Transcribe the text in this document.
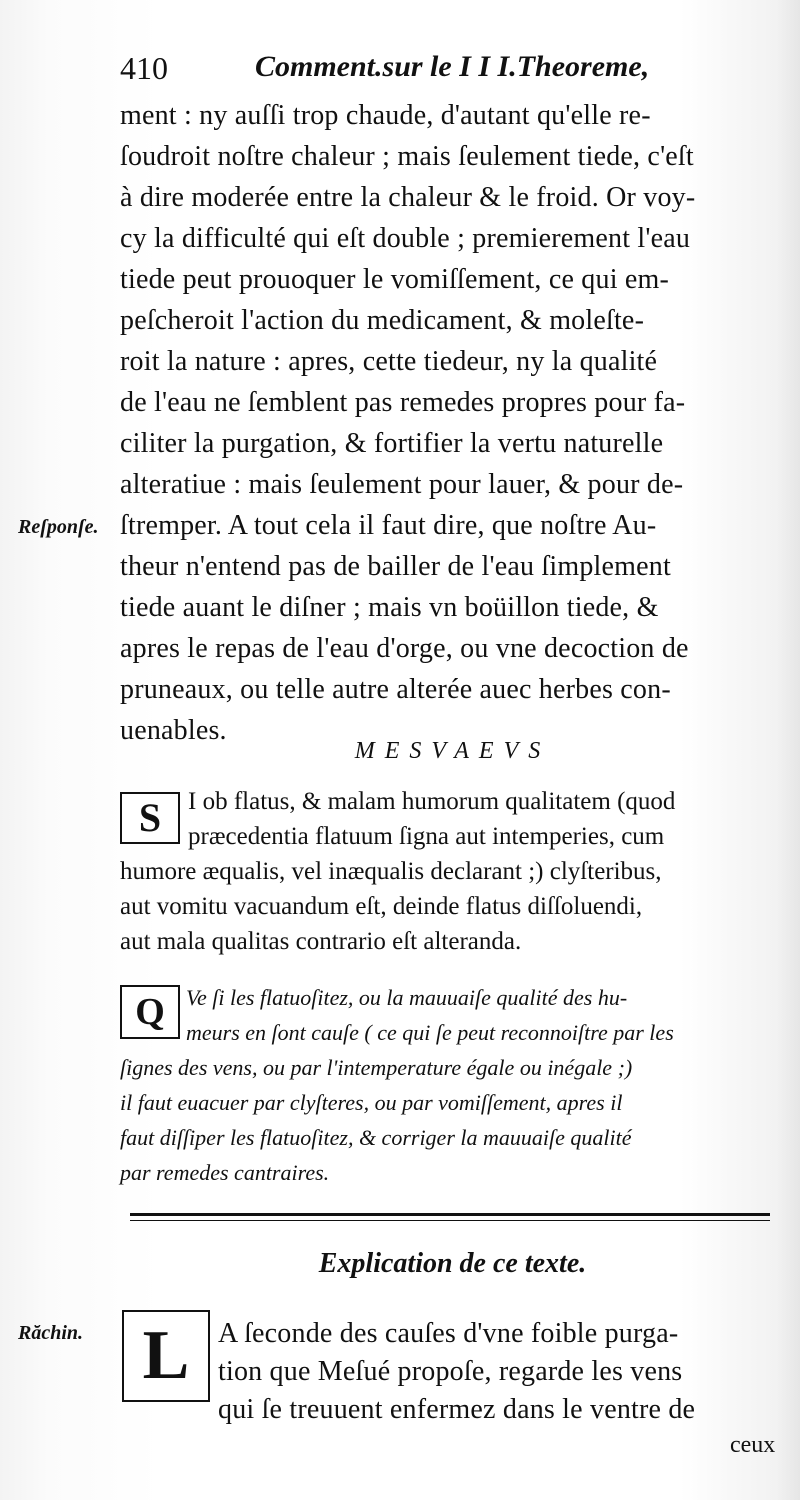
410	Comment.sur le I I I.Theoreme,
ment : ny auſſi trop chaude, d'autant qu'elle re-
ſoudroit noſtre chaleur ; mais ſeulement tiede, c'eſt
à dire moderée entre la chaleur & le froid. Or voy-
cy la difficulté qui eſt double ; premierement l'eau
tiede peut prouoquer le vomiſſement, ce qui em-
peſcheroit l'action du medicament, & moleſte-
roit la nature : apres, cette tiedeur, ny la qualité
de l'eau ne ſemblent pas remedes propres pour fa-
ciliter la purgation, & fortifier la vertu naturelle
alteratiue : mais ſeulement pour lauer, & pour de-
ſtremper. A tout cela il faut dire, que noſtre Au-
theur n'entend pas de bailler de l'eau ſimplement
tiede auant le diſner ; mais vn boüillon tiede, &
apres le repas de l'eau d'orge, ou vne decoction de
pruneaux, ou telle autre alterée auec herbes con-
uenables.
Reſponſe.
MESVAEVS
S	I ob flatus, & malam humorum qualitatem (quod
præcedentia flatuum ſigna aut intemperies, cum
humore æqualis, vel inæqualis declarant ;) clyſteribus,
aut vomitu vacuandum eſt, deinde flatus diſſoluendi,
aut mala qualitas contrario eſt alteranda.
Q Ve ſi les flatuoſitez, ou la mauuaiſe qualité des hu-
meurs en ſont cauſe ( ce qui ſe peut reconnoiſtre par les
ſignes des vens, ou par l'intemperature égale ou inégale ;)
il faut euacuer par clyſteres, ou par vomiſſement, apres il
faut diſſiper les flatuoſitez, & corriger la mauuaiſe qualité
par remedes cantraires.
Explication de ce texte.
Răchin. L	A ſeconde des cauſes d'vne foible purga-
tion que Meſué propoſe, regarde les vens
qui ſe treuuent enfermez dans le ventre de
ceux
